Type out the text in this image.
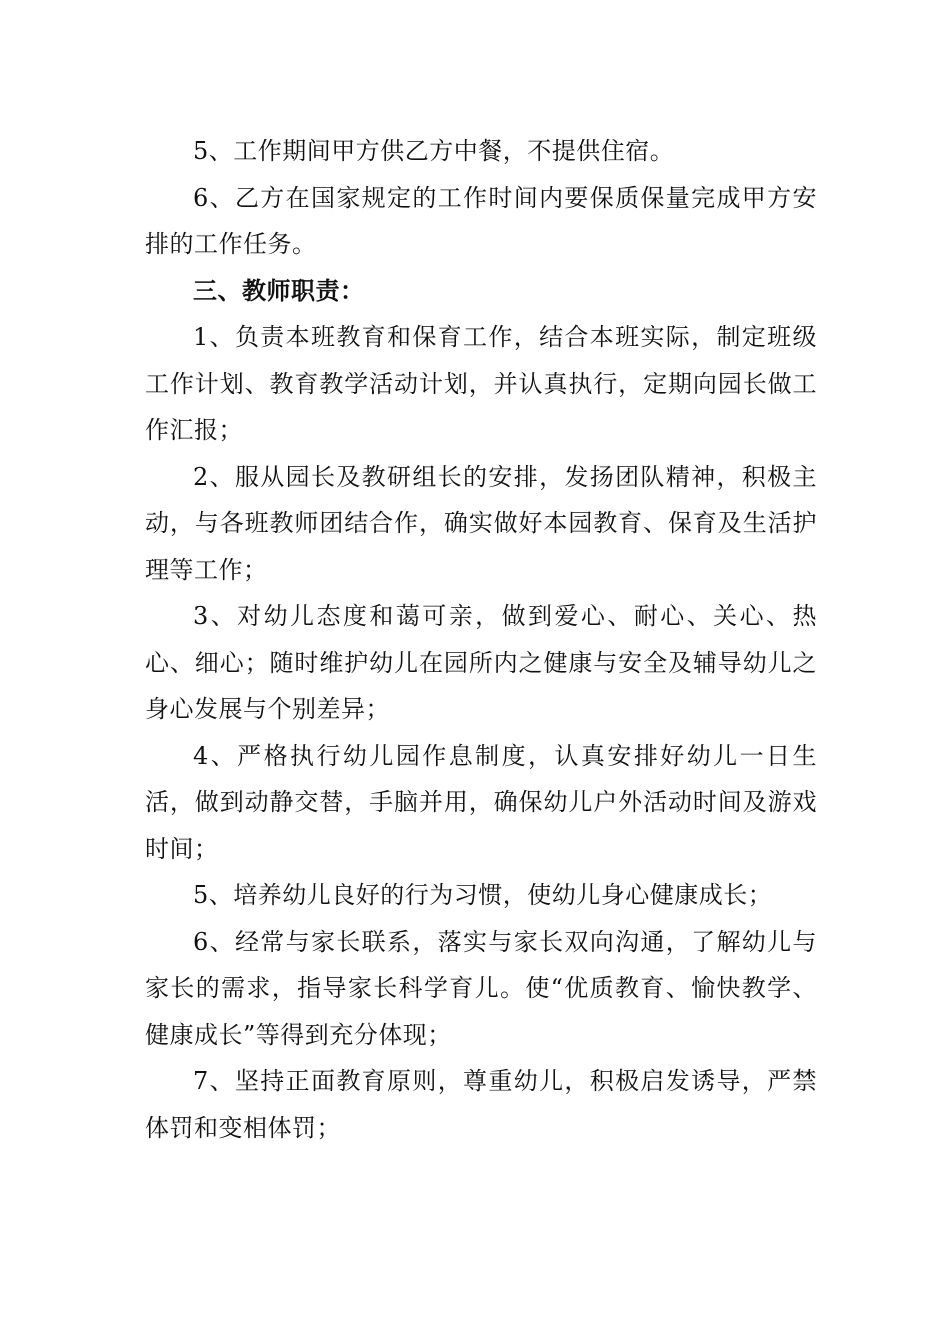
5、工作期间甲方供乙方中餐，不提供住宿。

6、乙方在国家规定的工作时间内要保质保量完成甲方安排的工作任务。

三、教师职责：

1、负责本班教育和保育工作，结合本班实际，制定班级工作计划、教育教学活动计划，并认真执行，定期向园长做工作汇报；

2、服从园长及教研组长的安排，发扬团队精神，积极主动，与各班教师团结合作，确实做好本园教育、保育及生活护理等工作；

3、对幼儿态度和蔼可亲，做到爱心、耐心、关心、热心、细心；随时维护幼儿在园所内之健康与安全及辅导幼儿之身心发展与个别差异；

4、严格执行幼儿园作息制度，认真安排好幼儿一日生活，做到动静交替，手脑并用，确保幼儿户外活动时间及游戏时间；

5、培养幼儿良好的行为习惯，使幼儿身心健康成长；

6、经常与家长联系，落实与家长双向沟通，了解幼儿与家长的需求，指导家长科学育儿。使“优质教育、愉快教学、健康成长”等得到充分体现；

7、坚持正面教育原则，尊重幼儿，积极启发诱导，严禁体罚和变相体罚；
